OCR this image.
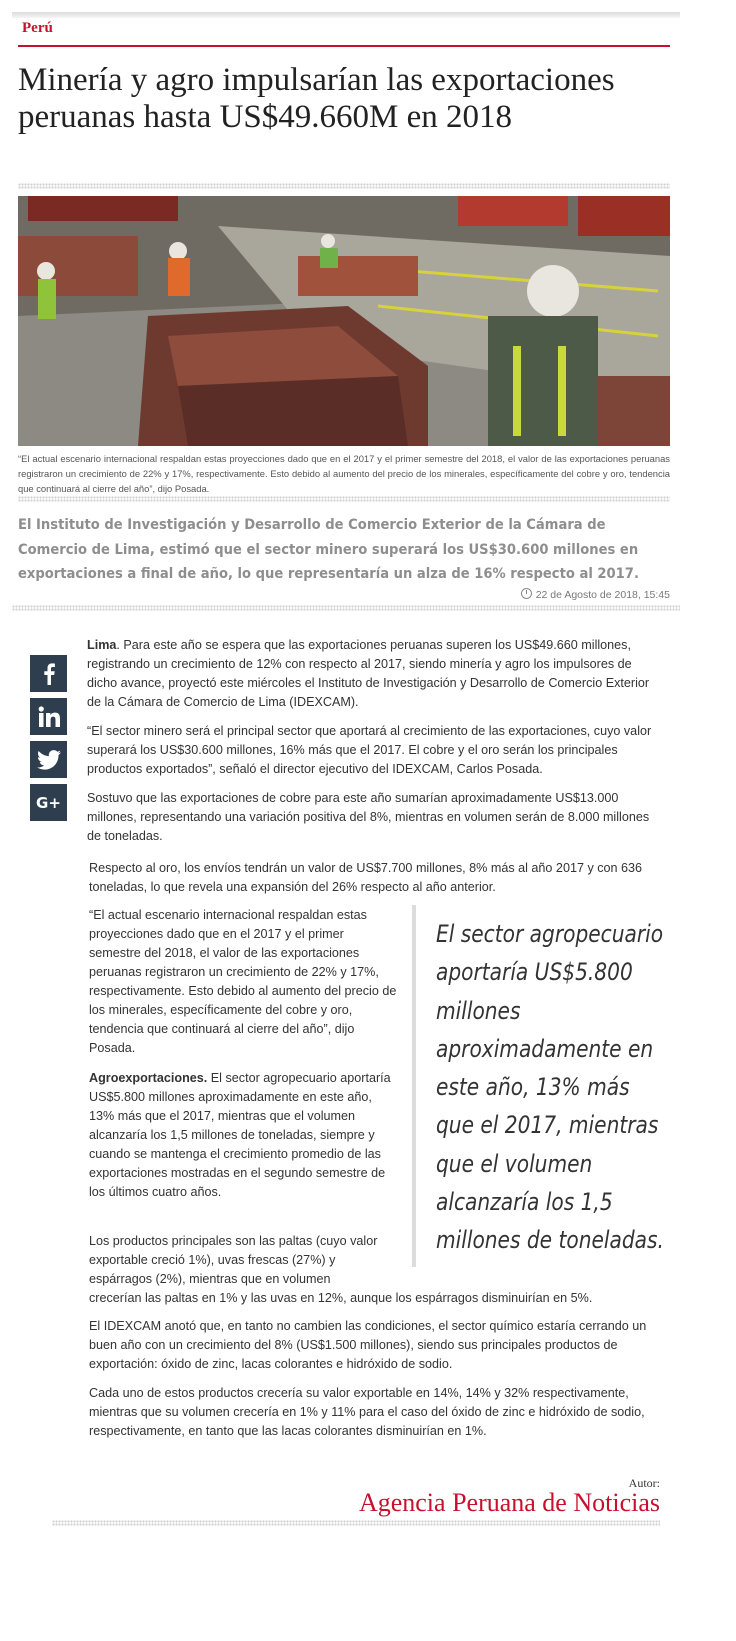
Perú
Minería y agro impulsarían las exportaciones peruanas hasta US$49.660M en 2018

“El actual escenario internacional respaldan estas proyecciones dado que en el 2017 y el primer semestre del 2018, el valor de las exportaciones peruanas registraron un crecimiento de 22% y 17%, respectivamente. Esto debido al aumento del precio de los minerales, específicamente del cobre y oro, tendencia que continuará al cierre del año”, dijo Posada.

El Instituto de Investigación y Desarrollo de Comercio Exterior de la Cámara de Comercio de Lima, estimó que el sector minero superará los US$30.600 millones en exportaciones a final de año, lo que representaría un alza de 16% respecto al 2017.

22 de Agosto de 2018, 15:45
G+

Lima. Para este año se espera que las exportaciones peruanas superen los US$49.660 millones, registrando un crecimiento de 12% con respecto al 2017, siendo minería y agro los impulsores de dicho avance, proyectó este miércoles el Instituto de Investigación y Desarrollo de Comercio Exterior de la Cámara de Comercio de Lima (IDEXCAM).

“El sector minero será el principal sector que aportará al crecimiento de las exportaciones, cuyo valor superará los US$30.600 millones, 16% más que el 2017. El cobre y el oro serán los principales productos exportados”, señaló el director ejecutivo del IDEXCAM, Carlos Posada.

Sostuvo que las exportaciones de cobre para este año sumarían aproximadamente US$13.000 millones, representando una variación positiva del 8%, mientras en volumen serán de 8.000 millones de toneladas.

Respecto al oro, los envíos tendrán un valor de US$7.700 millones, 8% más al año 2017 y con 636 toneladas, lo que revela una expansión del 26% respecto al año anterior.

“El actual escenario internacional respaldan estas proyecciones dado que en el 2017 y el primer semestre del 2018, el valor de las exportaciones peruanas registraron un crecimiento de 22% y 17%, respectivamente. Esto debido al aumento del precio de los minerales, específicamente del cobre y oro, tendencia que continuará al cierre del año”, dijo Posada.

Agroexportaciones. El sector agropecuario aportaría US$5.800 millones aproximadamente en este año, 13% más que el 2017, mientras que el volumen alcanzaría los 1,5 millones de toneladas, siempre y cuando se mantenga el crecimiento promedio de las exportaciones mostradas en el segundo semestre de los últimos cuatro años.

Los productos principales son las paltas (cuyo valor exportable creció 1%), uvas frescas (27%) y espárragos (2%), mientras que en volumen

crecerían las paltas en 1% y las uvas en 12%, aunque los espárragos disminuirían en 5%.

El sector agropecuario aportaría US$5.800 millones aproximadamente en este año, 13% más que el 2017, mientras que el volumen alcanzaría los 1,5 millones de toneladas.

El IDEXCAM anotó que, en tanto no cambien las condiciones, el sector químico estaría cerrando un buen año con un crecimiento del 8% (US$1.500 millones), siendo sus principales productos de exportación: óxido de zinc, lacas colorantes e hidróxido de sodio.

Cada uno de estos productos crecería su valor exportable en 14%, 14% y 32% respectivamente, mientras que su volumen crecería en 1% y 11% para el caso del óxido de zinc e hidróxido de sodio, respectivamente, en tanto que las lacas colorantes disminuirían en 1%.

Autor:
Agencia Peruana de Noticias
